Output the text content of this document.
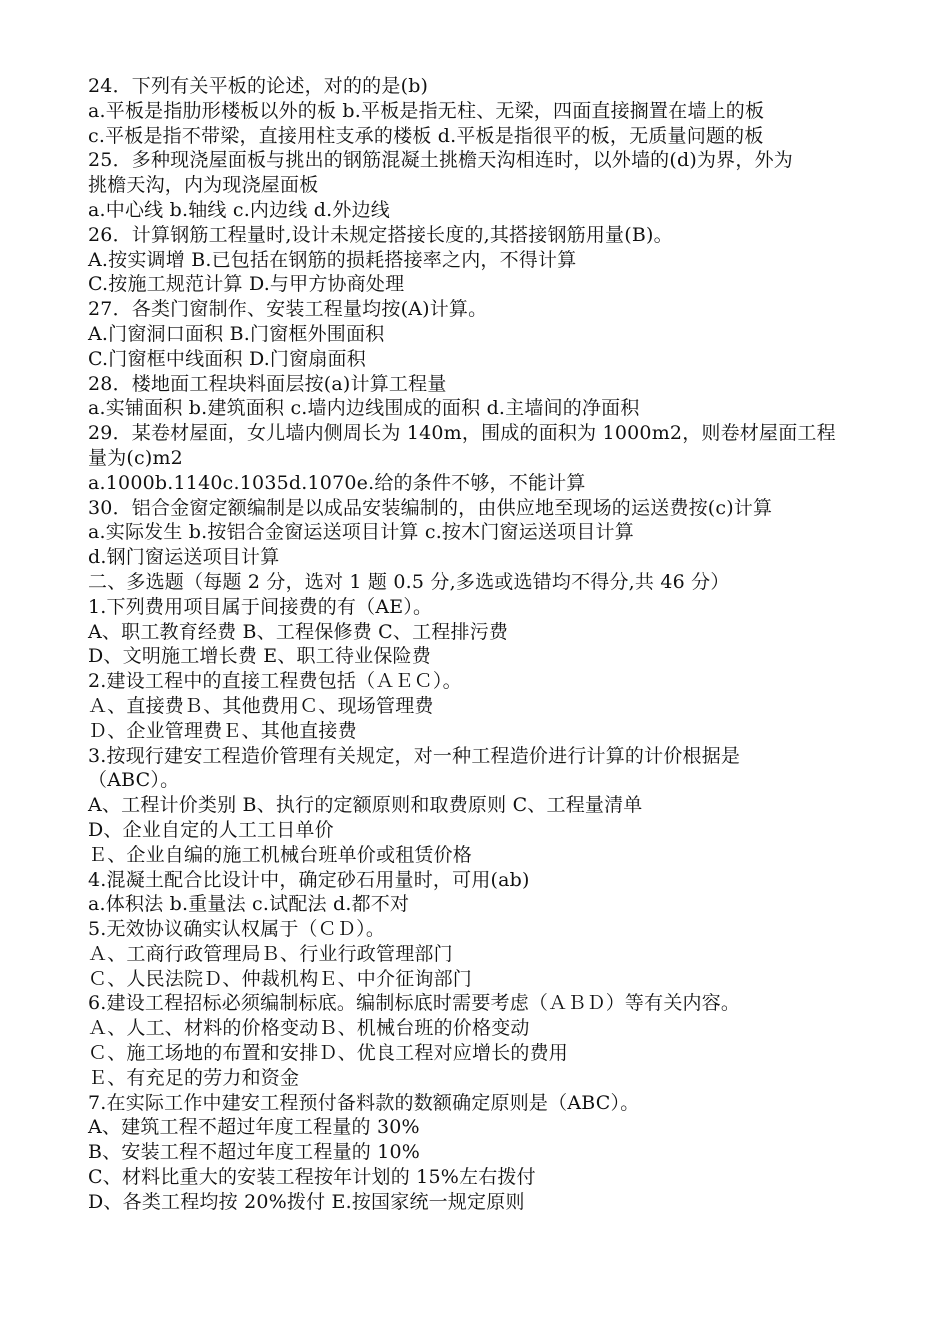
24．下列有关平板的论述，对的的是(b)
a.平板是指肋形楼板以外的板 b.平板是指无柱、无梁，四面直接搁置在墙上的板
c.平板是指不带梁，直接用柱支承的楼板 d.平板是指很平的板，无质量问题的板
25．多种现浇屋面板与挑出的钢筋混凝土挑檐天沟相连时，以外墙的(d)为界，外为
挑檐天沟，内为现浇屋面板
a.中心线 b.轴线 c.内边线 d.外边线
26．计算钢筋工程量时,设计未规定搭接长度的,其搭接钢筋用量(B)。
A.按实调增 B.已包括在钢筋的损耗搭接率之内，不得计算
C.按施工规范计算 D.与甲方协商处理
27．各类门窗制作、安装工程量均按(A)计算。
A.门窗洞口面积 B.门窗框外围面积
C.门窗框中线面积 D.门窗扇面积
28．楼地面工程块料面层按(a)计算工程量
a.实铺面积 b.建筑面积 c.墙内边线围成的面积 d.主墙间的净面积
29．某卷材屋面，女儿墙内侧周长为 140m，围成的面积为 1000m2，则卷材屋面工程
量为(c)m2
a.1000b.1140c.1035d.1070e.给的条件不够，不能计算
30．铝合金窗定额编制是以成品安装编制的，由供应地至现场的运送费按(c)计算
a.实际发生 b.按铝合金窗运送项目计算 c.按木门窗运送项目计算
d.钢门窗运送项目计算
二、多选题（每题 2 分，选对 1 题 0.5 分,多选或选错均不得分,共 46 分）
1.下列费用项目属于间接费的有（AE）。
A、职工教育经费 B、工程保修费 C、工程排污费
D、文明施工增长费 E、职工待业保险费
2.建设工程中的直接工程费包括（ＡＥＣ）。
Ａ、直接费Ｂ、其他费用Ｃ、现场管理费
Ｄ、企业管理费Ｅ、其他直接费
3.按现行建安工程造价管理有关规定，对一种工程造价进行计算的计价根据是
（ABC）。
A、工程计价类别 B、执行的定额原则和取费原则 C、工程量清单
D、企业自定的人工工日单价
Ｅ、企业自编的施工机械台班单价或租赁价格
4.混凝土配合比设计中，确定砂石用量时，可用(ab)
a.体积法 b.重量法 c.试配法 d.都不对
5.无效协议确实认权属于（ＣＤ）。
Ａ、工商行政管理局Ｂ、行业行政管理部门
Ｃ、人民法院Ｄ、仲裁机构Ｅ、中介征询部门
6.建设工程招标必须编制标底。编制标底时需要考虑（ＡＢＤ）等有关内容。
Ａ、人工、材料的价格变动Ｂ、机械台班的价格变动
Ｃ、施工场地的布置和安排Ｄ、优良工程对应增长的费用
Ｅ、有充足的劳力和资金
7.在实际工作中建安工程预付备料款的数额确定原则是（ABC）。
A、建筑工程不超过年度工程量的 30%
B、安装工程不超过年度工程量的 10%
C、材料比重大的安装工程按年计划的 15%左右拨付
D、各类工程均按 20%拨付 E.按国家统一规定原则
